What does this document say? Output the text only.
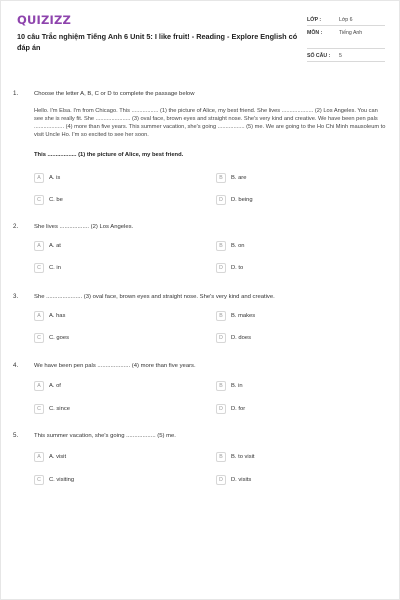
QUIZIZZ
10 câu Trắc nghiệm Tiếng Anh 6 Unit 5: I like fruit! - Reading - Explore English có đáp án
LỚP :	Lớp 6
MÔN :	Tiếng Anh
SỐ CÂU : 5
1.	Choose the letter A, B, C or D to complete the passage below
Hello. I'm Elsa. I'm from Chicago. This ................. (1) the picture of Alice, my best friend. She lives .................... (2) Los Angeles. You can see she is really fit. She ...................... (3) oval face, brown eyes and straight nose. She's very kind and creative. We have been pen pals ................... (4) more than five years. This summer vacation, she's going ................. (5) me. We are going to the Ho Chi Minh mausoleum to visit Uncle Ho. I'm so excited to see her soon.
This .................. (1) the picture of Alice, my best friend.
A	A. is	B	B. are
C	C. be	D	D. being
2.	She lives .................. (2) Los Angeles.
A	A. at	B	B. on
C	C. in	D	D. to
3.	She ...................... (3) oval face, brown eyes and straight nose. She's very kind and creative.
A	A. has	B	B. makes
C	C. goes	D	D. does
4.	We have been pen pals .................... (4) more than five years.
A	A. of	B	B. in
C	C. since	D	D. for
5.	This summer vacation, she's going .................. (5) me.
A	A. visit	B	B. to visit
C	C. visiting	D	D. visits
